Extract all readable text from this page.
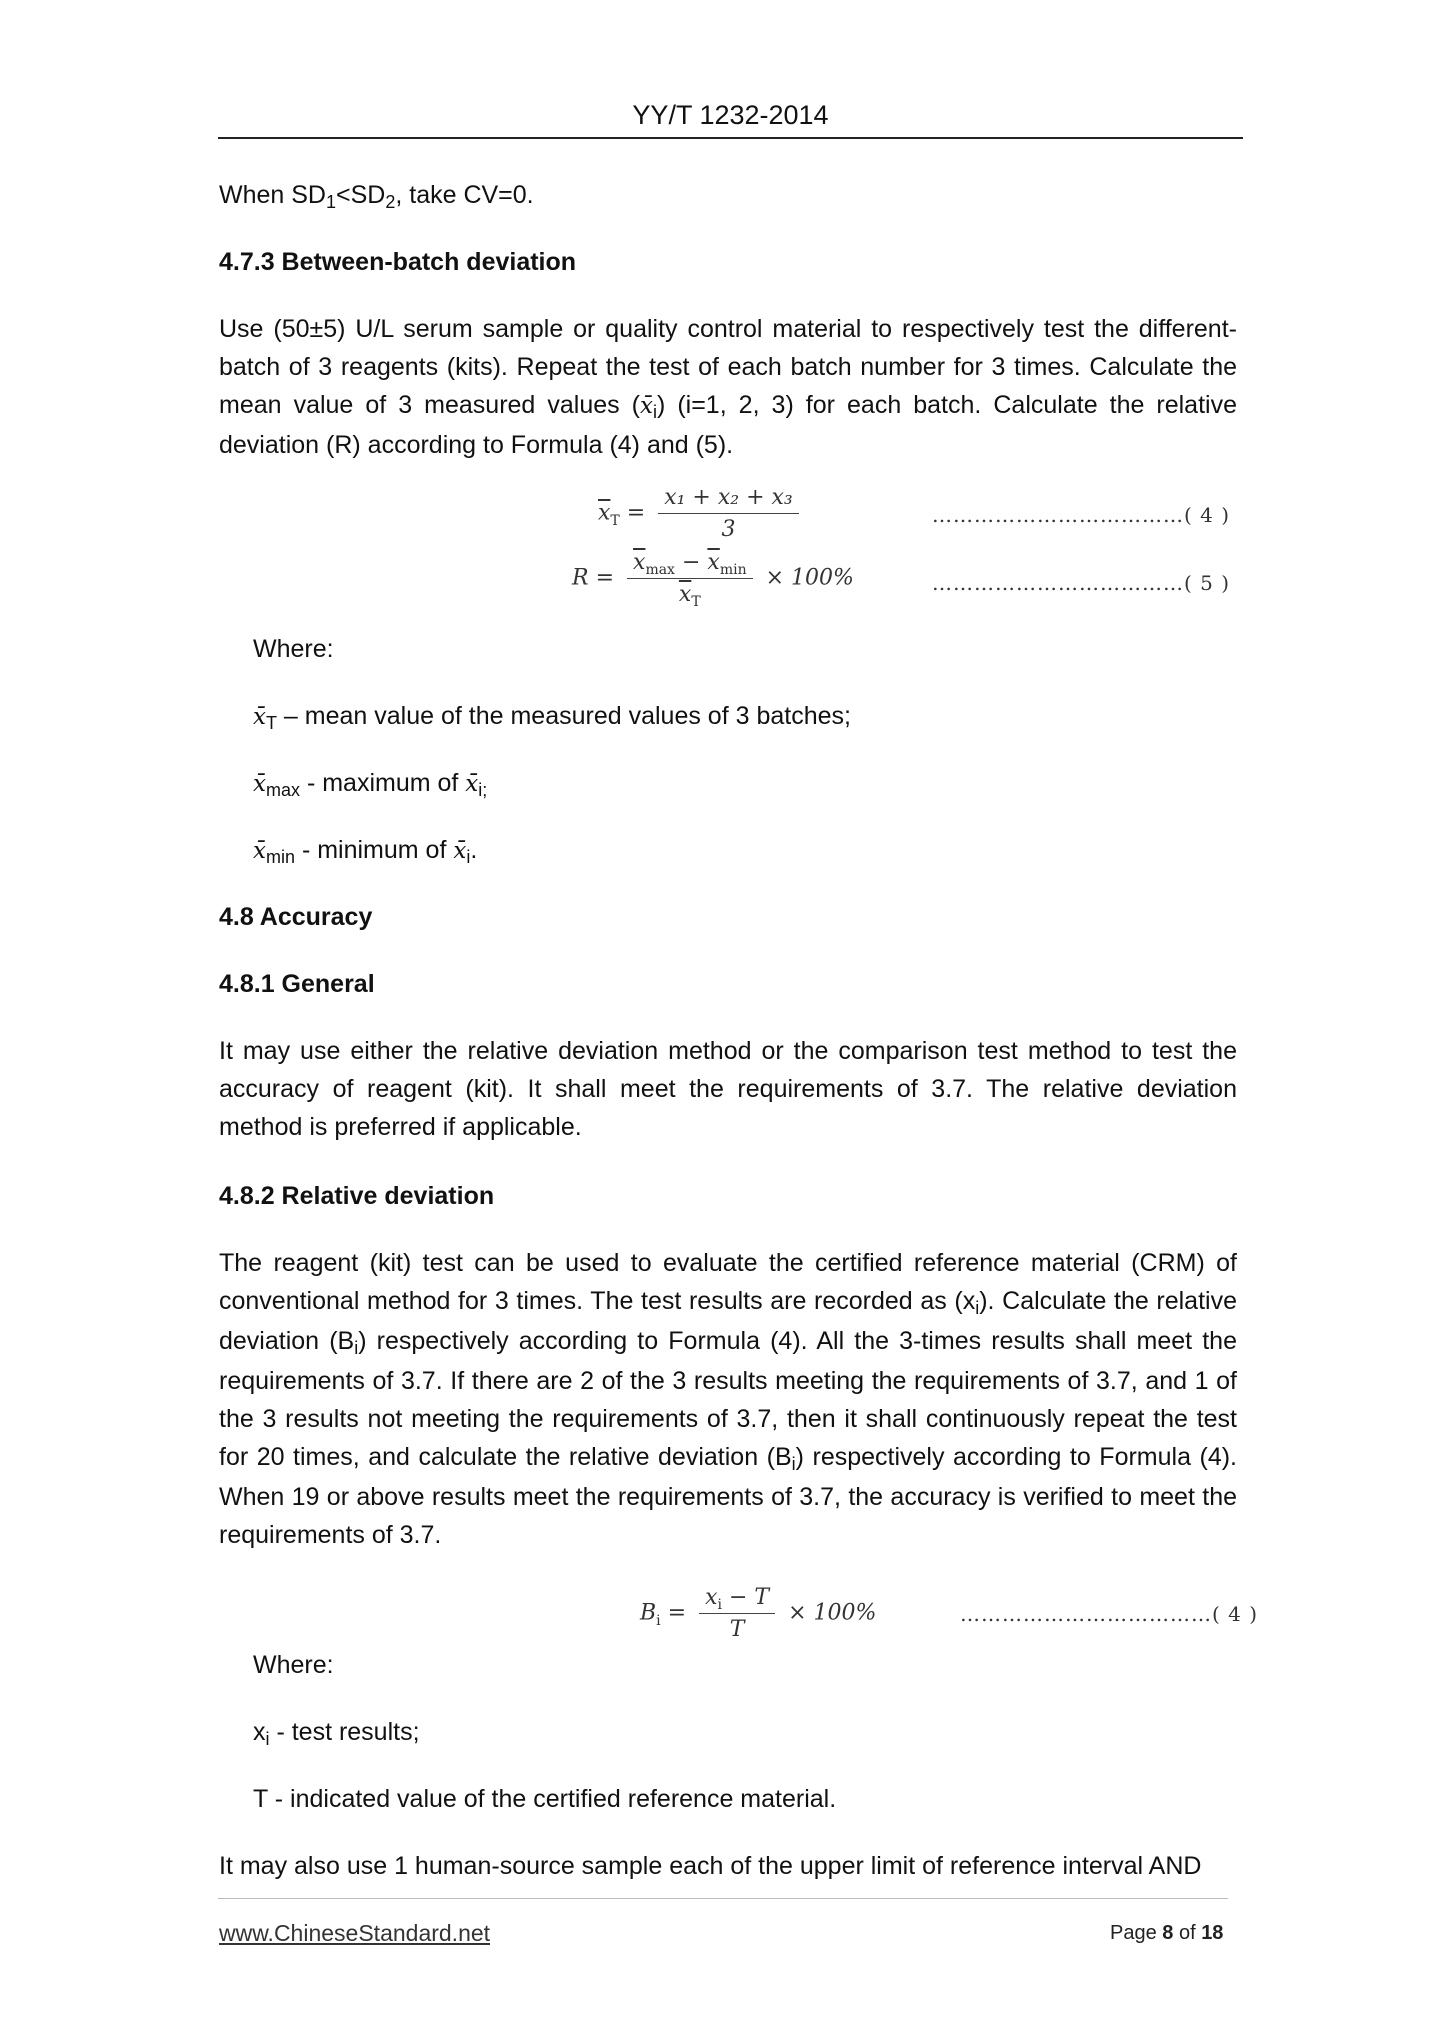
YY/T 1232-2014
When $SD_1<SD_2$, take CV=0.
4.7.3 Between-batch deviation
Use (50±5) U/L serum sample or quality control material to respectively test the different-batch of 3 reagents (kits). Repeat the test of each batch number for 3 times. Calculate the mean value of 3 measured values $(x̄_i)$ (i=1, 2, 3) for each batch. Calculate the relative deviation (R) according to Formula (4) and (5).
$\overline{x}_T = \frac{\text{x₁ + x₂ + x₃}}{3}$	………………………………( 4 )
$R = \frac{\overline{x}_{max} - \overline{x}_{min}}{\overline{x}_T} \times 100\%$	………………………………( 5 )
Where:
$x̄_T$ – mean value of the measured values of 3 batches;
$x̄_{max}$ - maximum of $x̄_{i;}$
$x̄_{min}$ - minimum of $x̄_i$.
4.8 Accuracy
4.8.1 General
It may use either the relative deviation method or the comparison test method to test the accuracy of reagent (kit). It shall meet the requirements of 3.7. The relative deviation method is preferred if applicable.
4.8.2 Relative deviation
The reagent (kit) test can be used to evaluate the certified reference material (CRM) of conventional method for 3 times. The test results are recorded as $(x_i)$. Calculate the relative deviation $(B_i)$ respectively according to Formula (4). All the 3-times results shall meet the requirements of 3.7. If there are 2 of the 3 results meeting the requirements of 3.7, and 1 of the 3 results not meeting the requirements of 3.7, then it shall continuously repeat the test for 20 times, and calculate the relative deviation $(B_i)$ respectively according to Formula (4). When 19 or above results meet the requirements of 3.7, the accuracy is verified to meet the requirements of 3.7.
$B_i = \frac{x_i - T}{T} \times 100\%$	………………………………( 4 )
Where:
$x_i$ - test results;
T - indicated value of the certified reference material.
It may also use 1 human-source sample each of the upper limit of reference interval AND
www.ChineseStandard.net	Page 8 of 18
